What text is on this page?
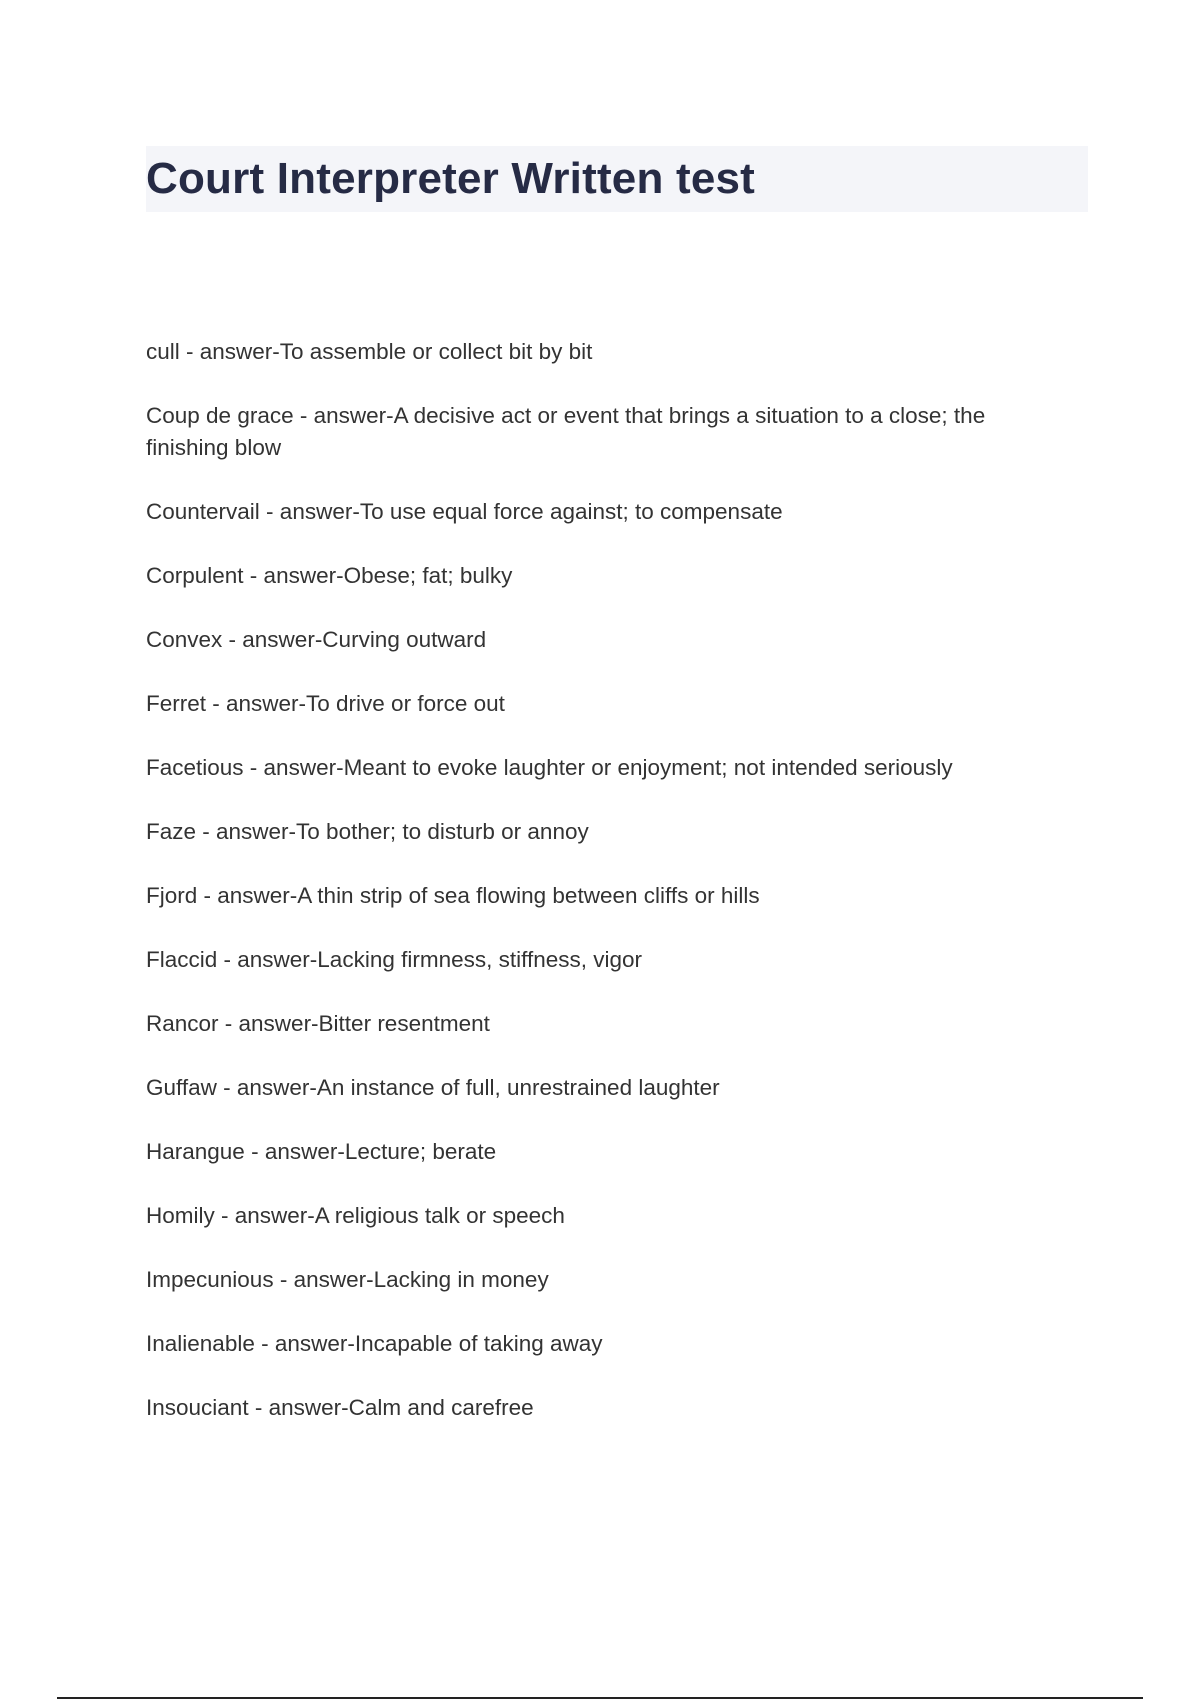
Court Interpreter Written test
cull - answer-To assemble or collect bit by bit
Coup de grace - answer-A decisive act or event that brings a situation to a close; the finishing blow
Countervail - answer-To use equal force against; to compensate
Corpulent - answer-Obese; fat; bulky
Convex - answer-Curving outward
Ferret - answer-To drive or force out
Facetious - answer-Meant to evoke laughter or enjoyment; not intended seriously
Faze - answer-To bother; to disturb or annoy
Fjord - answer-A thin strip of sea flowing between cliffs or hills
Flaccid - answer-Lacking firmness, stiffness, vigor
Rancor - answer-Bitter resentment
Guffaw - answer-An instance of full, unrestrained laughter
Harangue - answer-Lecture; berate
Homily - answer-A religious talk or speech
Impecunious - answer-Lacking in money
Inalienable - answer-Incapable of taking away
Insouciant - answer-Calm and carefree
